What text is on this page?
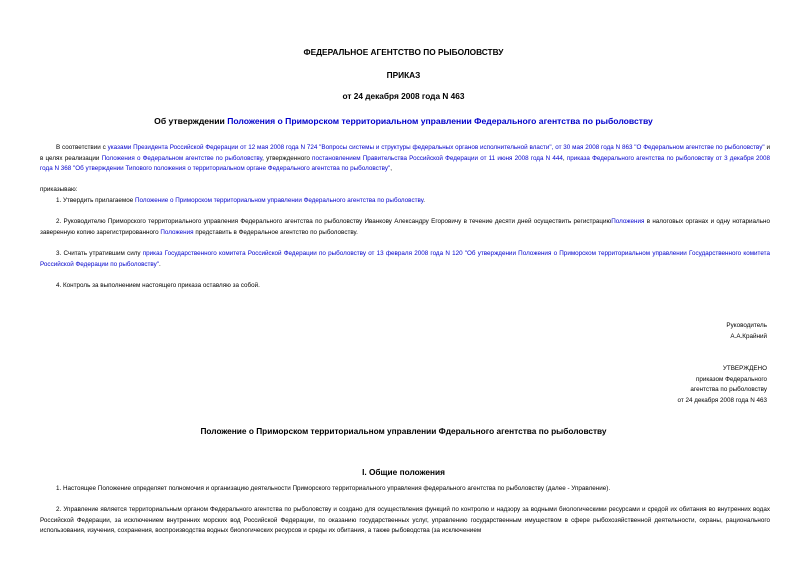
ФЕДЕРАЛЬНОЕ АГЕНТСТВО ПО РЫБОЛОВСТВУ
ПРИКАЗ
от 24 декабря 2008 года N 463
Об утверждении Положения о Приморском территориальном управлении Федерального агентства по рыболовству
В соответствии с указами Президента Российской Федерации от 12 мая 2008 года N 724 "Вопросы системы и структуры федеральных органов исполнительной власти", от 30 мая 2008 года N 863 "О Федеральном агентстве по рыболовству" и в целях реализации Положения о Федеральном агентстве по рыболовству, утвержденного постановлением Правительства Российской Федерации от 11 июня 2008 года N 444, приказа Федерального агентства по рыболовству от 3 декабря 2008 года N 368 "Об утверждении Типового положения о территориальном органе Федерального агентства по рыболовству",
приказываю:
1. Утвердить прилагаемое Положение о Приморском территориальном управлении Федерального агентства по рыболовству.
2. Руководителю Приморского территориального управления Федерального агентства по рыболовству Иванкову Александру Егоровичу в течение десяти дней осуществить регистрациюПоложения в налоговых органах и одну нотариально заверенную копию зарегистрированного Положения представить в Федеральное агентство по рыболовству.
3. Считать утратившим силу приказ Государственного комитета Российской Федерации по рыболовству от 13 февраля 2008 года N 120 "Об утверждении Положения о Приморском территориальном управлении Государственного комитета Российской Федерации по рыболовству".
4. Контроль за выполнением настоящего приказа оставляю за собой.
Руководитель
А.А.Крайний
УТВЕРЖДЕНО
приказом Федерального
агентства по рыболовству
от 24 декабря 2008 года N 463
Положение о Приморском территориальном управлении Фдерального агентства по рыболовству
I. Общие положения
1. Настоящее Положение определяет полномочия и организацию деятельности Приморского территориального управления федерального агентства по рыболовству (далее - Управление).
2. Управление является территориальным органом Федерального агентства по рыболовству и создано для осуществления функций по контролю и надзору за водными биологическими ресурсами и средой их обитания во внутренних водах Российской Федерации, за исключением внутренних морских вод Российской Федерации, по оказанию государственных услуг, управлению государственным имуществом в сфере рыбохозяйственной деятельности, охраны, рационального использования, изучения, сохранения, воспроизводства водных биологических ресурсов и среды их обитания, а также рыбоводства (за исключением
